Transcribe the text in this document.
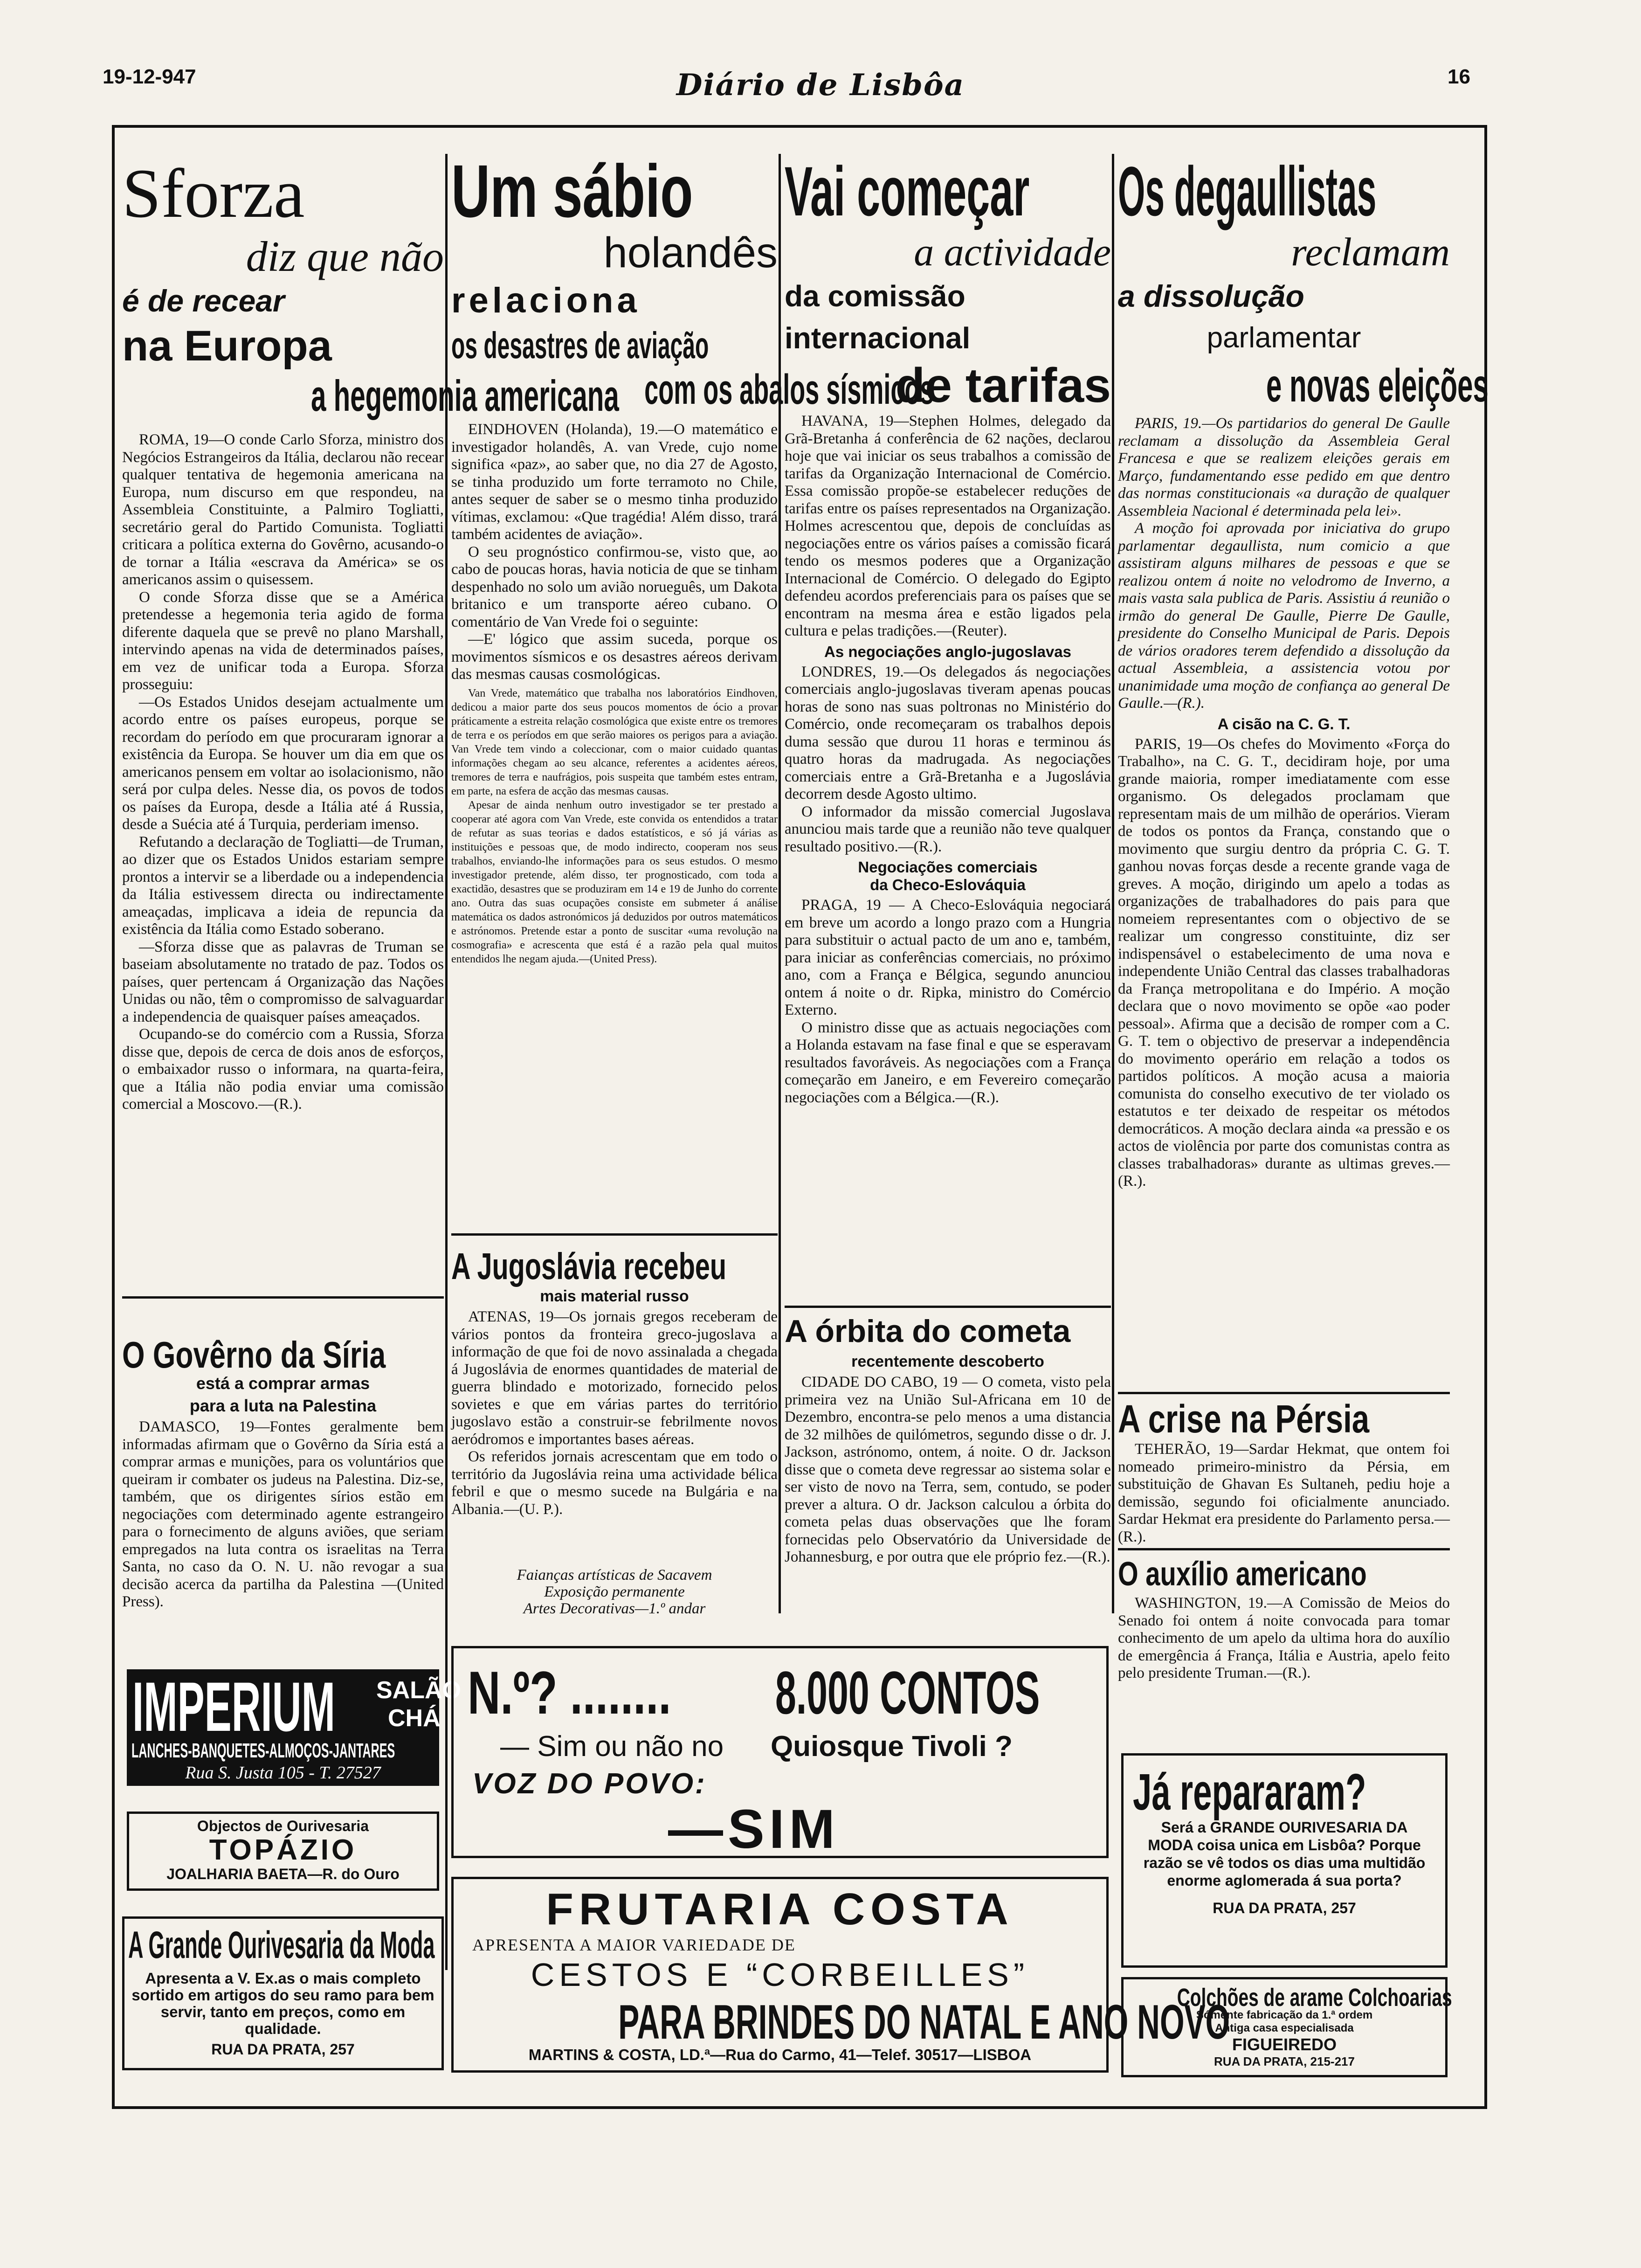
19-12-947	Diário de Lisbôa	16
Sforza
diz que não
é de recear
na Europa
a hegemonia americana

ROMA, 19—O conde Carlo Sforza, ministro dos Negócios Estrangeiros da Itália, declarou não recear qualquer tentativa de hegemonia americana na Europa, num discurso em que respondeu, na Assembleia Constituinte, a Palmiro Togliatti, secretário geral do Partido Comunista. Togliatti criticara a política externa do Govêrno, acusando-o de tornar a Itália «escrava da América» se os americanos assim o quisessem.

O conde Sforza disse que se a América pretendesse a hegemonia teria agido de forma diferente daquela que se prevê no plano Marshall, intervindo apenas na vida de determinados países, em vez de unificar toda a Europa. Sforza prosseguiu:

—Os Estados Unidos desejam actualmente um acordo entre os países europeus, porque se recordam do período em que procuraram ignorar a existência da Europa. Se houver um dia em que os americanos pensem em voltar ao isolacionismo, não será por culpa deles. Nesse dia, os povos de todos os países da Europa, desde a Itália até á Russia, desde a Suécia até á Turquia, perderiam imenso.

Refutando a declaração de Togliatti—de Truman, ao dizer que os Estados Unidos estariam sempre prontos a intervir se a liberdade ou a independencia da Itália estivessem directa ou indirectamente ameaçadas, implicava a ideia de repuncia da existência da Itália como Estado soberano.

—Sforza disse que as palavras de Truman se baseiam absolutamente no tratado de paz. Todos os países, quer pertencam á Organização das Nações Unidas ou não, têm o compromisso de salvaguardar a independencia de quaisquer países ameaçados.

Ocupando-se do comércio com a Russia, Sforza disse que, depois de cerca de dois anos de esforços, o embaixador russo o informara, na quarta-feira, que a Itália não podia enviar uma comissão comercial a Moscovo.—(R.).

O Govêrno da Síria
está a comprar armas
para a luta na Palestina

DAMASCO, 19—Fontes geralmente bem informadas afirmam que o Govêrno da Síria está a comprar armas e munições, para os voluntários que queiram ir combater os judeus na Palestina. Diz-se, também, que os dirigentes sírios estão em negociações com determinado agente estrangeiro para o fornecimento de alguns aviões, que seriam empregados na luta contra os israelitas na Terra Santa, no caso da O. N. U. não revogar a sua decisão acerca da partilha da Palestina —(United Press).

IMPERIUM	SALÃO
CHÁ
LANCHES-BANQUETES-ALMOÇOS-JANTARES
Rua S. Justa 105 - T. 27527
Objectos de Ourivesaria
TOPÁZIO
JOALHARIA BAETA—R. do Ouro
A Grande Ourivesaria da Moda
Apresenta a V. Ex.as o mais completo sortido em artigos do seu ramo para bem servir, tanto em preços, como em qualidade.
RUA DA PRATA, 257
Um sábio
holandês
relaciona
os desastres de aviação
com os abalos sísmicos

EINDHOVEN (Holanda), 19.—O matemático e investigador holandês, A. van Vrede, cujo nome significa «paz», ao saber que, no dia 27 de Agosto, se tinha produzido um forte terramoto no Chile, antes sequer de saber se o mesmo tinha produzido vítimas, exclamou: «Que tragédia! Além disso, trará também acidentes de aviação».

O seu prognóstico confirmou-se, visto que, ao cabo de poucas horas, havia noticia de que se tinham despenhado no solo um avião norueguês, um Dakota britanico e um transporte aéreo cubano. O comentário de Van Vrede foi o seguinte:

—E' lógico que assim suceda, porque os movimentos sísmicos e os desastres aéreos derivam das mesmas causas cosmológicas.

Van Vrede, matemático que trabalha nos laboratórios Eindhoven, dedicou a maior parte dos seus poucos momentos de ócio a provar práticamente a estreita relação cosmológica que existe entre os tremores de terra e os períodos em que serão maiores os perigos para a aviação. Van Vrede tem vindo a coleccionar, com o maior cuidado quantas informações chegam ao seu alcance, referentes a acidentes aéreos, tremores de terra e naufrágios, pois suspeita que também estes entram, em parte, na esfera de acção das mesmas causas.

Apesar de ainda nenhum outro investigador se ter prestado a cooperar até agora com Van Vrede, este convida os entendidos a tratar de refutar as suas teorias e dados estatísticos, e só já várias as instituições e pessoas que, de modo indirecto, cooperam nos seus trabalhos, enviando-lhe informações para os seus estudos. O mesmo investigador pretende, além disso, ter prognosticado, com toda a exactidão, desastres que se produziram em 14 e 19 de Junho do corrente ano. Outra das suas ocupações consiste em submeter á análise matemática os dados astronómicos já deduzidos por outros matemáticos e astrónomos. Pretende estar a ponto de suscitar «uma revolução na cosmografia» e acrescenta que está é a razão pela qual muitos entendidos lhe negam ajuda.—(United Press).

A Jugoslávia recebeu
mais material russo

ATENAS, 19—Os jornais gregos receberam de vários pontos da fronteira greco-jugoslava a informação de que foi de novo assinalada a chegada á Jugoslávia de enormes quantidades de material de guerra blindado e motorizado, fornecido pelos sovietes e que em várias partes do território jugoslavo estão a construir-se febrilmente novos aeródromos e importantes bases aéreas.

Os referidos jornais acrescentam que em todo o território da Jugoslávia reina uma actividade bélica febril e que o mesmo sucede na Bulgária e na Albania.—(U. P.).

Faianças artísticas de Sacavem
Exposição permanente
Artes Decorativas—1.º andar
Vai começar
a actividade
da comissão
internacional
de tarifas

HAVANA, 19—Stephen Holmes, delegado da Grã-Bretanha á conferência de 62 nações, declarou hoje que vai iniciar os seus trabalhos a comissão de tarifas da Organização Internacional de Comércio. Essa comissão propõe-se estabelecer reduções de tarifas entre os países representados na Organização. Holmes acrescentou que, depois de concluídas as negociações entre os vários países a comissão ficará tendo os mesmos poderes que a Organização Internacional de Comércio. O delegado do Egipto defendeu acordos preferenciais para os países que se encontram na mesma área e estão ligados pela cultura e pelas tradições.—(Reuter).

As negociações anglo-jugoslavas

LONDRES, 19.—Os delegados ás negociações comerciais anglo-jugoslavas tiveram apenas poucas horas de sono nas suas poltronas no Ministério do Comércio, onde recomeçaram os trabalhos depois duma sessão que durou 11 horas e terminou ás quatro horas da madrugada. As negociações comerciais entre a Grã-Bretanha e a Jugoslávia decorrem desde Agosto ultimo.

O informador da missão comercial Jugoslava anunciou mais tarde que a reunião não teve qualquer resultado positivo.—(R.).

Negociações comerciais
da Checo-Eslováquia

PRAGA, 19 — A Checo-Eslováquia negociará em breve um acordo a longo prazo com a Hungria para substituir o actual pacto de um ano e, também, para iniciar as conferências comerciais, no próximo ano, com a França e Bélgica, segundo anunciou ontem á noite o dr. Ripka, ministro do Comércio Externo.

O ministro disse que as actuais negociações com a Holanda estavam na fase final e que se esperavam resultados favoráveis. As negociações com a França começarão em Janeiro, e em Fevereiro começarão negociações com a Bélgica.—(R.).

A órbita do cometa
recentemente descoberto

CIDADE DO CABO, 19 — O cometa, visto pela primeira vez na União Sul-Africana em 10 de Dezembro, encontra-se pelo menos a uma distancia de 32 milhões de quilómetros, segundo disse o dr. J. Jackson, astrónomo, ontem, á noite. O dr. Jackson disse que o cometa deve regressar ao sistema solar e ser visto de novo na Terra, sem, contudo, se poder prever a altura. O dr. Jackson calculou a órbita do cometa pelas duas observações que lhe foram fornecidas pelo Observatório da Universidade de Johannesburg, e por outra que ele próprio fez.—(R.).

Os degaullistas
reclamam
a dissolução
parlamentar
e novas eleições

PARIS, 19.—Os partidarios do general De Gaulle reclamam a dissolução da Assembleia Geral Francesa e que se realizem eleições gerais em Março, fundamentando esse pedido em que dentro das normas constitucionais «a duração de qualquer Assembleia Nacional é determinada pela lei».

A moção foi aprovada por iniciativa do grupo parlamentar degaullista, num comicio a que assistiram alguns milhares de pessoas e que se realizou ontem á noite no velodromo de Inverno, a mais vasta sala publica de Paris. Assistiu á reunião o irmão do general De Gaulle, Pierre De Gaulle, presidente do Conselho Municipal de Paris. Depois de vários oradores terem defendido a dissolução da actual Assembleia, a assistencia votou por unanimidade uma moção de confiança ao general De Gaulle.—(R.).

A cisão na C. G. T.

PARIS, 19—Os chefes do Movimento «Força do Trabalho», na C. G. T., decidiram hoje, por uma grande maioria, romper imediatamente com esse organismo. Os delegados proclamam que representam mais de um milhão de operários. Vieram de todos os pontos da França, constando que o movimento que surgiu dentro da própria C. G. T. ganhou novas forças desde a recente grande vaga de greves. A moção, dirigindo um apelo a todas as organizações de trabalhadores do pais para que nomeiem representantes com o objectivo de se realizar um congresso constituinte, diz ser indispensável o estabelecimento de uma nova e independente União Central das classes trabalhadoras da França metropolitana e do Império. A moção declara que o novo movimento se opõe «ao poder pessoal». Afirma que a decisão de romper com a C. G. T. tem o objectivo de preservar a independência do movimento operário em relação a todos os partidos políticos. A moção acusa a maioria comunista do conselho executivo de ter violado os estatutos e ter deixado de respeitar os métodos democráticos. A moção declara ainda «a pressão e os actos de violência por parte dos comunistas contra as classes trabalhadoras» durante as ultimas greves.—(R.).

A crise na Pérsia

TEHERÃO, 19—Sardar Hekmat, que ontem foi nomeado primeiro-ministro da Pérsia, em substituição de Ghavan Es Sultaneh, pediu hoje a demissão, segundo foi oficialmente anunciado. Sardar Hekmat era presidente do Parlamento persa.—(R.).

O auxílio americano

WASHINGTON, 19.—A Comissão de Meios do Senado foi ontem á noite convocada para tomar conhecimento de um apelo da ultima hora do auxílio de emergência á França, Itália e Austria, apelo feito pelo presidente Truman.—(R.).

N.º? ........	8.000 CONTOS
— Sim ou não no Quiosque Tivoli ?
VOZ DO POVO:
—SIM
FRUTARIA COSTA
APRESENTA A MAIOR VARIEDADE DE
CESTOS E “CORBEILLES”
PARA BRINDES DO NATAL E ANO NOVO
MARTINS & COSTA, LD.ª—Rua do Carmo, 41—Telef. 30517—LISBOA
Já repararam?
Será a GRANDE OURIVESARIA DA MODA coisa unica em Lisbôa? Porque razão se vê todos os dias uma multidão enorme aglomerada á sua porta?
RUA DA PRATA, 257
Colchões de arame Colchoarias
Sómente fabricação da 1.ª ordem
Antiga casa especialisada
FIGUEIREDO
RUA DA PRATA, 215-217
